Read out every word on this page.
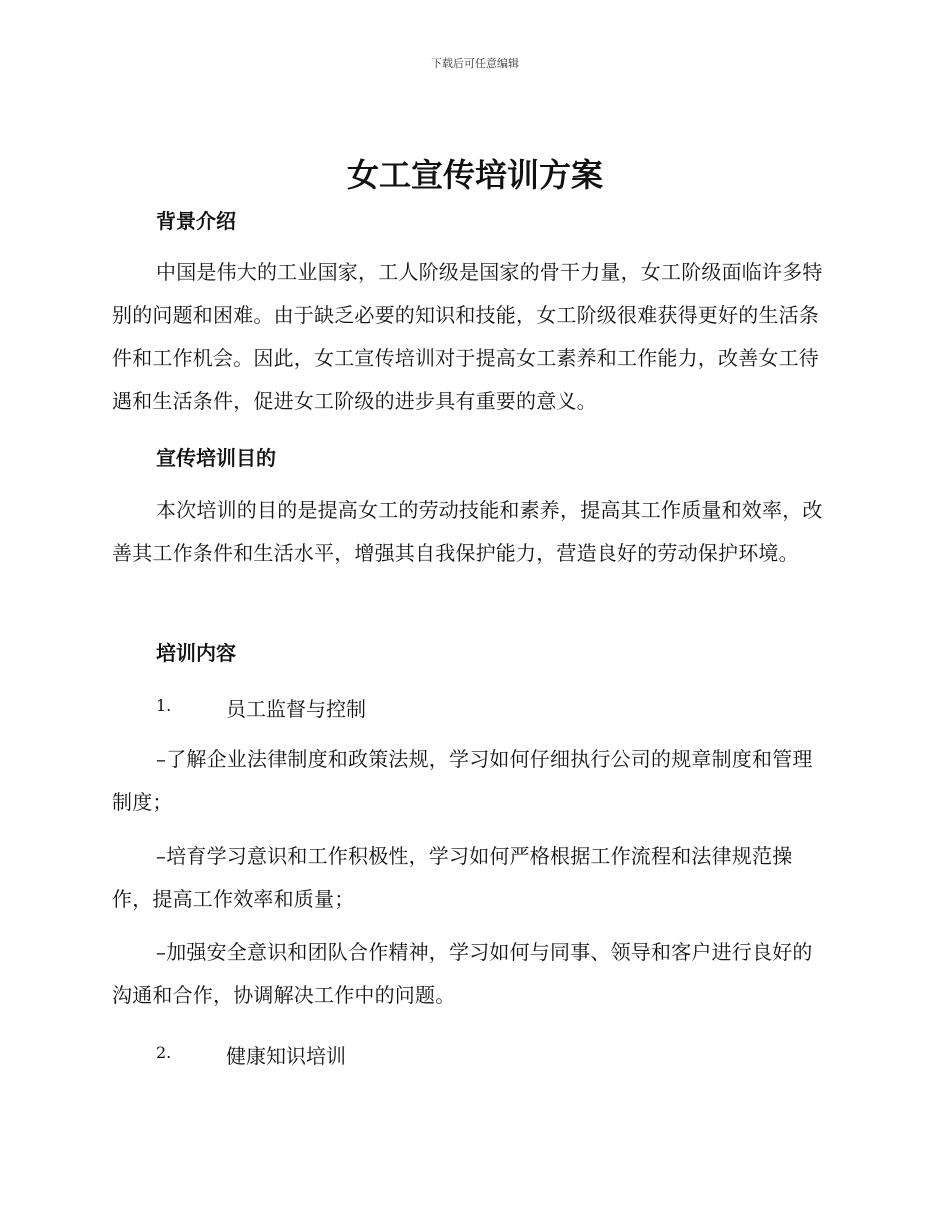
下载后可任意编辑
女工宣传培训方案
背景介绍

中国是伟大的工业国家，工人阶级是国家的骨干力量，女工阶级面临许多特别的问题和困难。由于缺乏必要的知识和技能，女工阶级很难获得更好的生活条件和工作机会。因此，女工宣传培训对于提高女工素养和工作能力，改善女工待遇和生活条件，促进女工阶级的进步具有重要的意义。

宣传培训目的

本次培训的目的是提高女工的劳动技能和素养，提高其工作质量和效率，改善其工作条件和生活水平，增强其自我保护能力，营造良好的劳动保护环境。

培训内容
1.	员工监督与控制

–了解企业法律制度和政策法规，学习如何仔细执行公司的规章制度和管理制度；

–培育学习意识和工作积极性，学习如何严格根据工作流程和法律规范操作，提高工作效率和质量；

–加强安全意识和团队合作精神，学习如何与同事、领导和客户进行良好的沟通和合作，协调解决工作中的问题。

2.	健康知识培训
